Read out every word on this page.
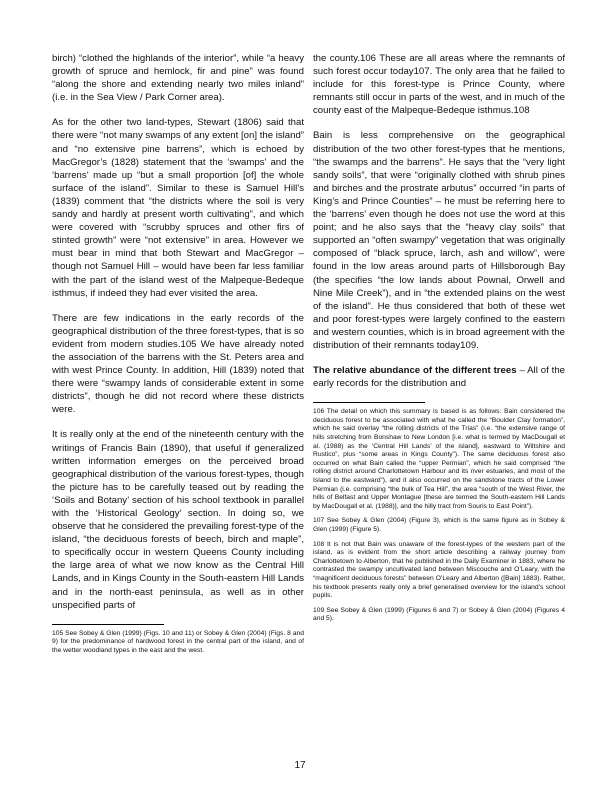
birch) “clothed the highlands of the interior”, while “a heavy growth of spruce and hemlock, fir and pine” was found “along the shore and extending nearly two miles inland” (i.e. in the Sea View / Park Corner area).

As for the other two land-types, Stewart (1806) said that there were “not many swamps of any extent [on] the island” and “no extensive pine barrens”, which is echoed by MacGregor’s (1828) statement that the ‘swamps’ and the ‘barrens’ made up “but a small proportion [of] the whole surface of the island”. Similar to these is Samuel Hill’s (1839) comment that “the districts where the soil is very sandy and hardly at present worth cultivating”, and which were covered with “scrubby spruces and other firs of stinted growth” were “not extensive” in area. However we must bear in mind that both Stewart and MacGregor – though not Samuel Hill – would have been far less familiar with the part of the island west of the Malpeque-Bedeque isthmus, if indeed they had ever visited the area.

There are few indications in the early records of the geographical distribution of the three forest-types, that is so evident from modern studies.105 We have already noted the association of the barrens with the St. Peters area and with west Prince County. In addition, Hill (1839) noted that there were “swampy lands of considerable extent in some districts”, though he did not record where these districts were.

It is really only at the end of the nineteenth century with the writings of Francis Bain (1890), that useful if generalized written information emerges on the perceived broad geographical distribution of the various forest-types, though the picture has to be carefully teased out by reading the ‘Soils and Botany’ section of his school textbook in parallel with the ‘Historical Geology’ section. In doing so, we observe that he considered the prevailing forest-type of the island, “the deciduous forests of beech, birch and maple”, to specifically occur in western Queens County including the large area of what we now know as the Central Hill Lands, and in Kings County in the South-eastern Hill Lands and in the north-east peninsula, as well as in other unspecified parts of

105 See Sobey & Glen (1999) (Figs. 10 and 11) or Sobey & Glen (2004) (Figs. 8 and 9) for the predominance of hardwood forest in the central part of the island, and of the wetter woodland types in the east and the west.

the county.106 These are all areas where the remnants of such forest occur today107. The only area that he failed to include for this forest-type is Prince County, where remnants still occur in parts of the west, and in much of the county east of the Malpeque-Bedeque isthmus.108

Bain is less comprehensive on the geographical distribution of the two other forest-types that he mentions, “the swamps and the barrens”. He says that the “very light sandy soils”, that were “originally clothed with shrub pines and birches and the prostrate arbutus” occurred “in parts of King’s and Prince Counties” – he must be referring here to the ‘barrens’ even though he does not use the word at this point; and he also says that the “heavy clay soils” that supported an “often swampy” vegetation that was originally composed of “black spruce, larch, ash and willow”, were found in the low areas around parts of Hillsborough Bay (the specifies “the low lands about Pownal, Orwell and Nine Mile Creek”), and in “the extended plains on the west of the island”. He thus considered that both of these wet and poor forest-types were largely confined to the eastern and western counties, which is in broad agreement with the distribution of their remnants today109.

The relative abundance of the different trees – All of the early records for the distribution and

106 The detail on which this summary is based is as follows: Bain considered the deciduous forest to be associated with what he called the “Boulder Clay formation”, which he said overlay “the rolling districts of the Trias” (i.e. “the extensive range of hills stretching from Bonshaw to New London [i.e. what is termed by MacDougall et al. (1988) as the ‘Central Hill Lands’ of the island], eastward to Wiltshire and Rustico”, plus “some areas in Kings County”). The same deciduous forest also occurred on what Bain called the “upper Permian”, which he said comprised “the rolling district around Charlottetown Harbour and its river estuaries, and most of the Island to the eastward”), and it also occurred on the sandstone tracts of the Lower Permian (i.e. comprising “the bulk of Tea Hill”, the area “south of the West River, the hills of Belfast and Upper Montague [these are termed the South-eastern Hill Lands by MacDougall et al. (1988)], and the hilly tract from Souris to East Point”).

107 See Sobey & Glen (2004) (Figure 3), which is the same figure as in Sobey & Glen (1999) (Figure 5).

108 It is not that Bain was unaware of the forest-types of the western part of the island, as is evident from the short article describing a railway journey from Charlottetown to Alberton, that he published in the Daily Examiner in 1883, where he contrasted the swampy uncultivated land between Miscouche and O’Leary, with the “magnificent deciduous forests” between O’Leary and Alberton ([Bain] 1883). Rather, his textbook presents really only a brief generalised overview for the island’s school pupils.

109 See Sobey & Glen (1999) (Figures 6 and 7) or Sobey & Glen (2004) (Figures 4 and 5).

17
